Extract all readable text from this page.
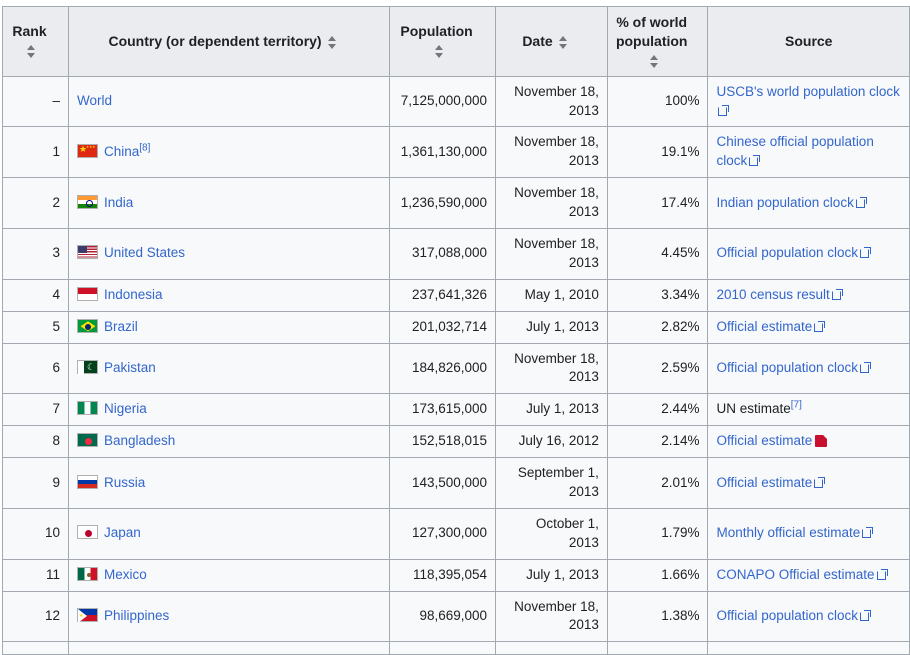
Rank	Country (or dependent territory)	Population	Date	% of world population	Source
–	World	7,125,000,000	November 18, 2013	100%	USCB's world population clock
1	★ ★★★China[8]	1,361,130,000	November 18, 2013	19.1%	Chinese official population clock
2	India	1,236,590,000	November 18, 2013	17.4%	Indian population clock
3	United States	317,088,000	November 18, 2013	4.45%	Official population clock
4	Indonesia	237,641,326	May 1, 2010	3.34%	2010 census result
5	Brazil	201,032,714	July 1, 2013	2.82%	Official estimate
6	☾Pakistan	184,826,000	November 18, 2013	2.59%	Official population clock
7	Nigeria	173,615,000	July 1, 2013	2.44%	UN estimate[7]
8	Bangladesh	152,518,015	July 16, 2012	2.14%	Official estimate
9	Russia	143,500,000	September 1, 2013	2.01%	Official estimate
10	Japan	127,300,000	October 1, 2013	1.79%	Monthly official estimate
11	Mexico	118,395,054	July 1, 2013	1.66%	CONAPO Official estimate
12	★Philippines	98,669,000	November 18, 2013	1.38%	Official population clock
